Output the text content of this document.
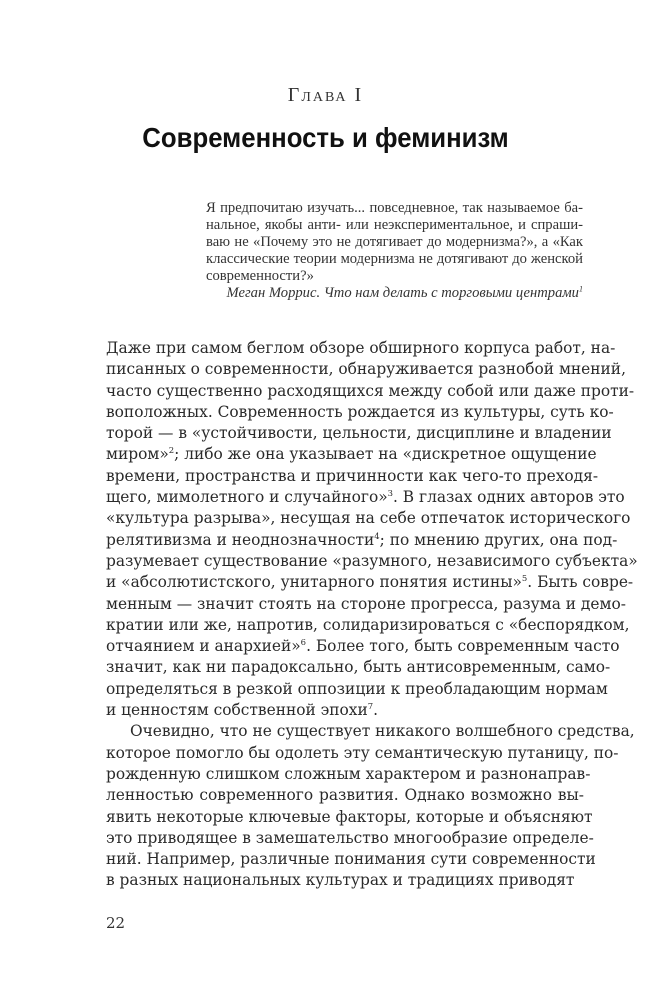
Глава I
Современность и феминизм
Я предпочитаю изучать... повседневное, так называемое ба-
нальное, якобы анти- или неэкспериментальное, и спраши-
ваю не «Почему это не дотягивает до модернизма?», а «Как
классические теории модернизма не дотягивают до женской
современности?»
Меган Моррис. Что нам делать с торговыми центрами$^1$
Даже при самом беглом обзоре обширного корпуса работ, на-
писанных о современности, обнаруживается разнобой мнений,
часто существенно расходящихся между собой или даже проти-
воположных. Современность рождается из культуры, суть ко-
торой — в «устойчивости, цельности, дисциплине и владении
миром»$^2$; либо же она указывает на «дискретное ощущение
времени, пространства и причинности как чего-то преходя-
щего, мимолетного и случайного»$^3$. В глазах одних авторов это
«культура разрыва», несущая на себе отпечаток исторического
релятивизма и неоднозначности$^4$; по мнению других, она под-
разумевает существование «разумного, независимого субъекта»
и «абсолютистского, унитарного понятия истины»$^5$. Быть совре-
менным — значит стоять на стороне прогресса, разума и демо-
кратии или же, напротив, солидаризироваться с «беспорядком,
отчаянием и анархией»$^6$. Более того, быть современным часто
значит, как ни парадоксально, быть антисовременным, само-
определяться в резкой оппозиции к преобладающим нормам
и ценностям собственной эпохи$^7$.
Очевидно, что не существует никакого волшебного средства,
которое помогло бы одолеть эту семантическую путаницу, по-
рожденную слишком сложным характером и разнонаправ-
ленностью современного развития. Однако возможно вы-
явить некоторые ключевые факторы, которые и объясняют
это приводящее в замешательство многообразие определе-
ний. Например, различные понимания сути современности
в разных национальных культурах и традициях приводят
22
